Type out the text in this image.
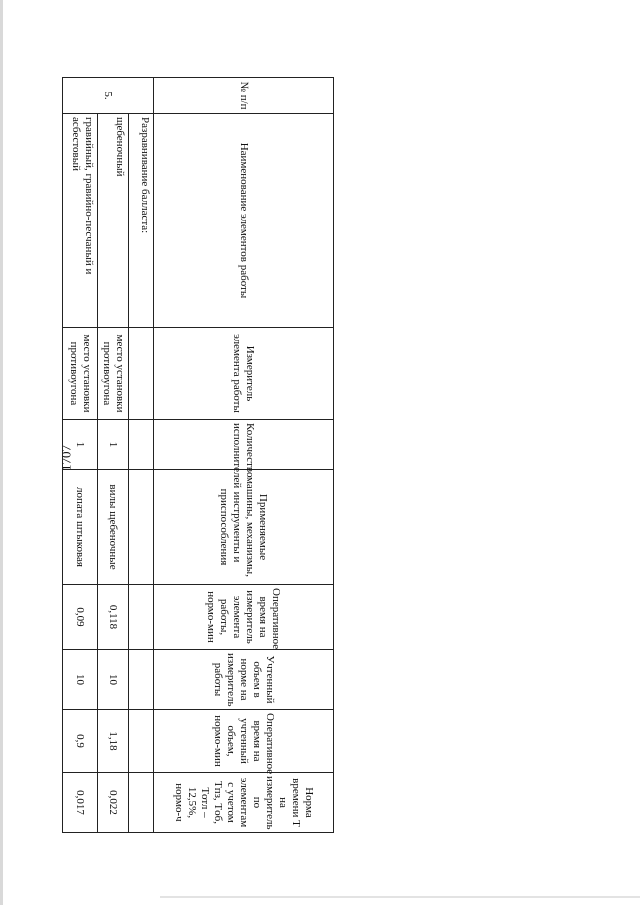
1707
№ п/п	Наименование элементов работы	Измеритель элемента работы	Количество исполнителей	Применяемые машины, механизмы, инструменты и приспособления	Оперативное время на измеритель элемента работы, нормо-мин	Учтенный объем в норме на измеритель работы	Оперативное время на учтенный объем, нормо-мин	Норма времени Т на измеритель по элементам с учетом Tпз, Tоб, Tотл – 12,5%, нормо-ч
5.	Разравнивание балласта:							
	щебеночный	место установки противоугона	1	вилы щебеночные	0,118	10	1,18	0,022
	гравийный, гравийно-песчаный и асбестовый	место установки противоугона	1	лопата штыковая	0,09	10	0,9	0,017
